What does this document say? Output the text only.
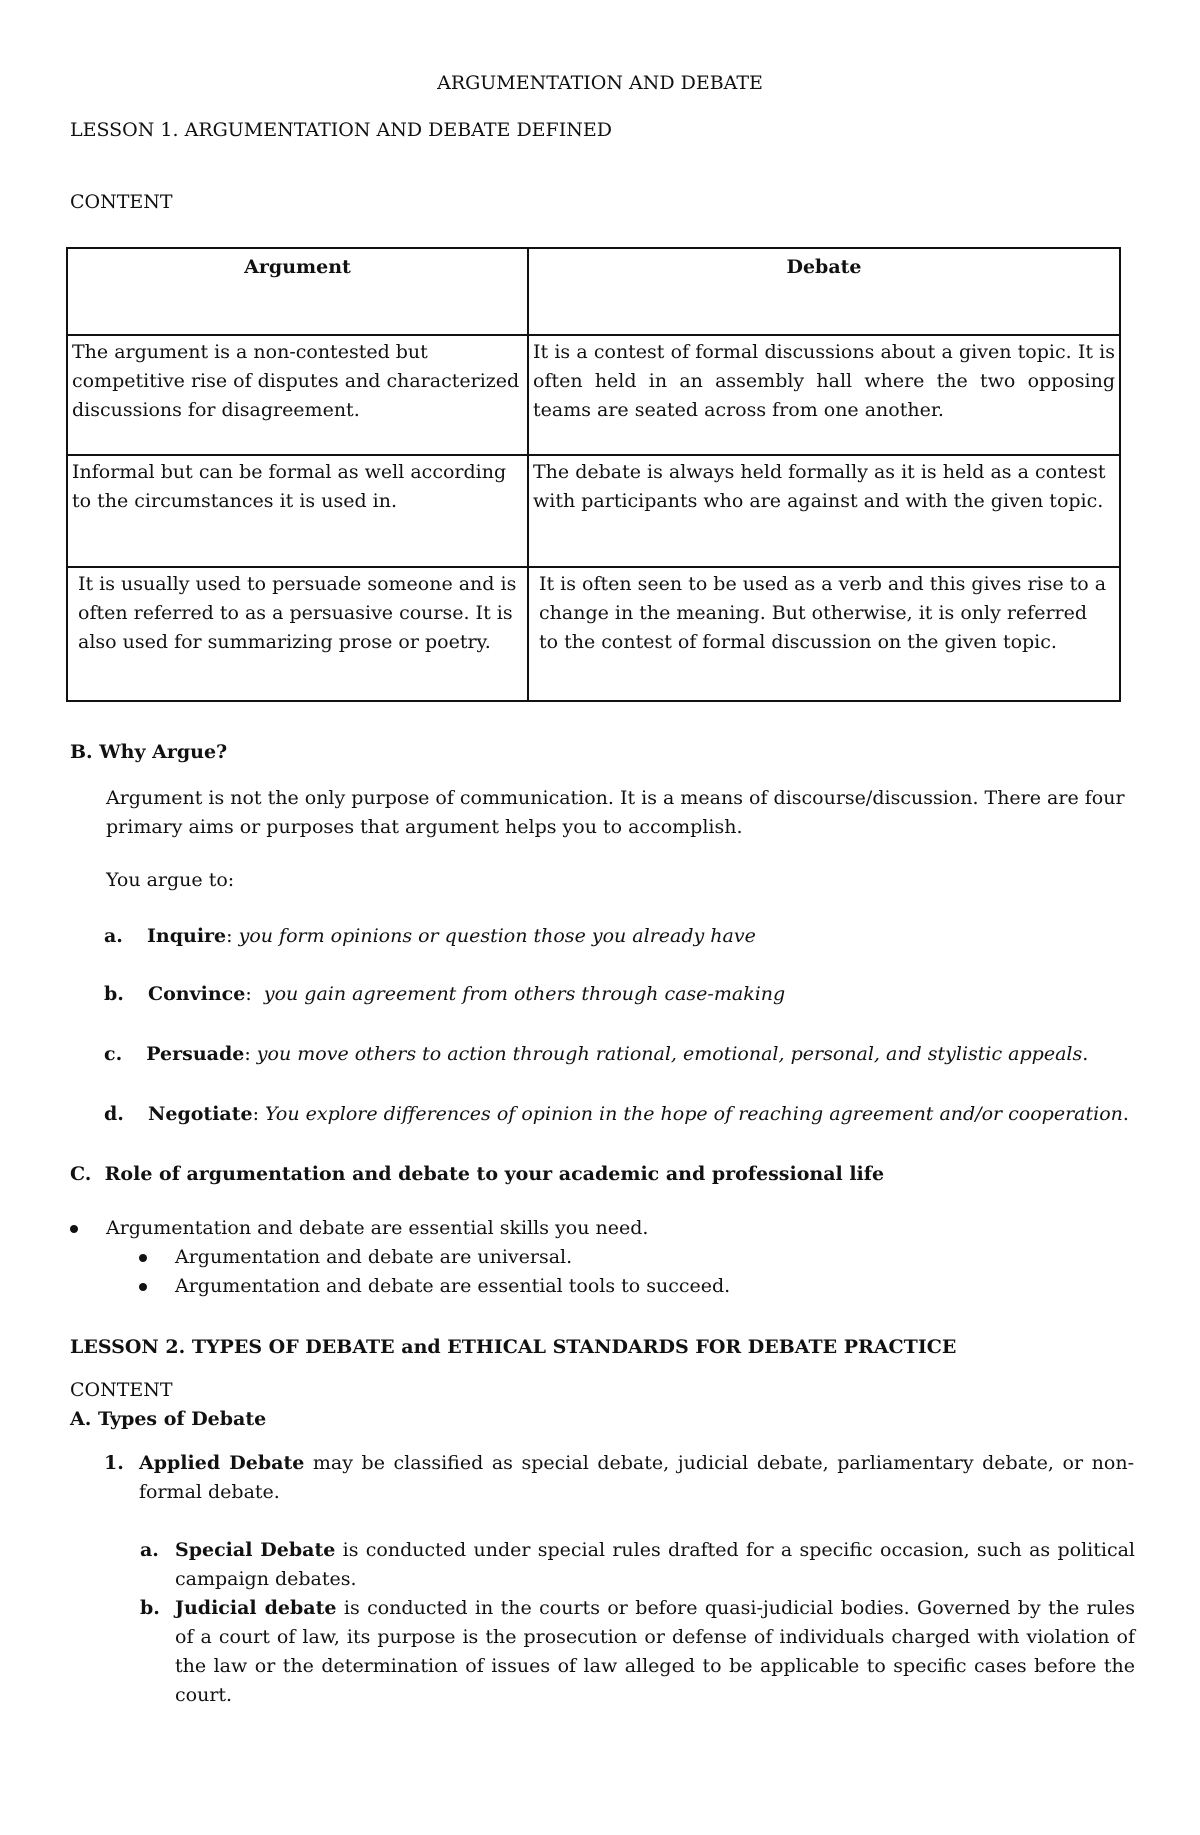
ARGUMENTATION AND DEBATE
LESSON 1. ARGUMENTATION AND DEBATE DEFINED
CONTENT
Argument	Debate
The argument is a non-contested but competitive rise of disputes and characterized discussions for disagreement.	It is a contest of formal discussions about a given topic. It is often held in an assembly hall where the two opposing teams are seated across from one another.
Informal but can be formal as well according to the circumstances it is used in.	The debate is always held formally as it is held as a contest with participants who are against and with the given topic.
It is usually used to persuade someone and is often referred to as a persuasive course. It is also used for summarizing prose or poetry.	It is often seen to be used as a verb and this gives rise to a change in the meaning. But otherwise, it is only referred to the contest of formal discussion on the given topic.
B. Why Argue?
Argument is not the only purpose of communication. It is a means of discourse/discussion. There are four primary aims or purposes that argument helps you to accomplish.
You argue to:
a. Inquire: you form opinions or question those you already have
b. Convince:  you gain agreement from others through case-making
c. Persuade: you move others to action through rational, emotional, personal, and stylistic appeals.
d. Negotiate: You explore differences of opinion in the hope of reaching agreement and/or cooperation.
C.  Role of argumentation and debate to your academic and professional life
Argumentation and debate are essential skills you need.
Argumentation and debate are universal.
Argumentation and debate are essential tools to succeed.
LESSON 2. TYPES OF DEBATE and ETHICAL STANDARDS FOR DEBATE PRACTICE
CONTENT
A. Types of Debate
1. Applied Debate may be classified as special debate, judicial debate, parliamentary debate, or non-formal debate.
a. Special Debate is conducted under special rules drafted for a specific occasion, such as political campaign debates.
b. Judicial debate is conducted in the courts or before quasi-judicial bodies. Governed by the rules of a court of law, its purpose is the prosecution or defense of individuals charged with violation of the law or the determination of issues of law alleged to be applicable to specific cases before the court.
